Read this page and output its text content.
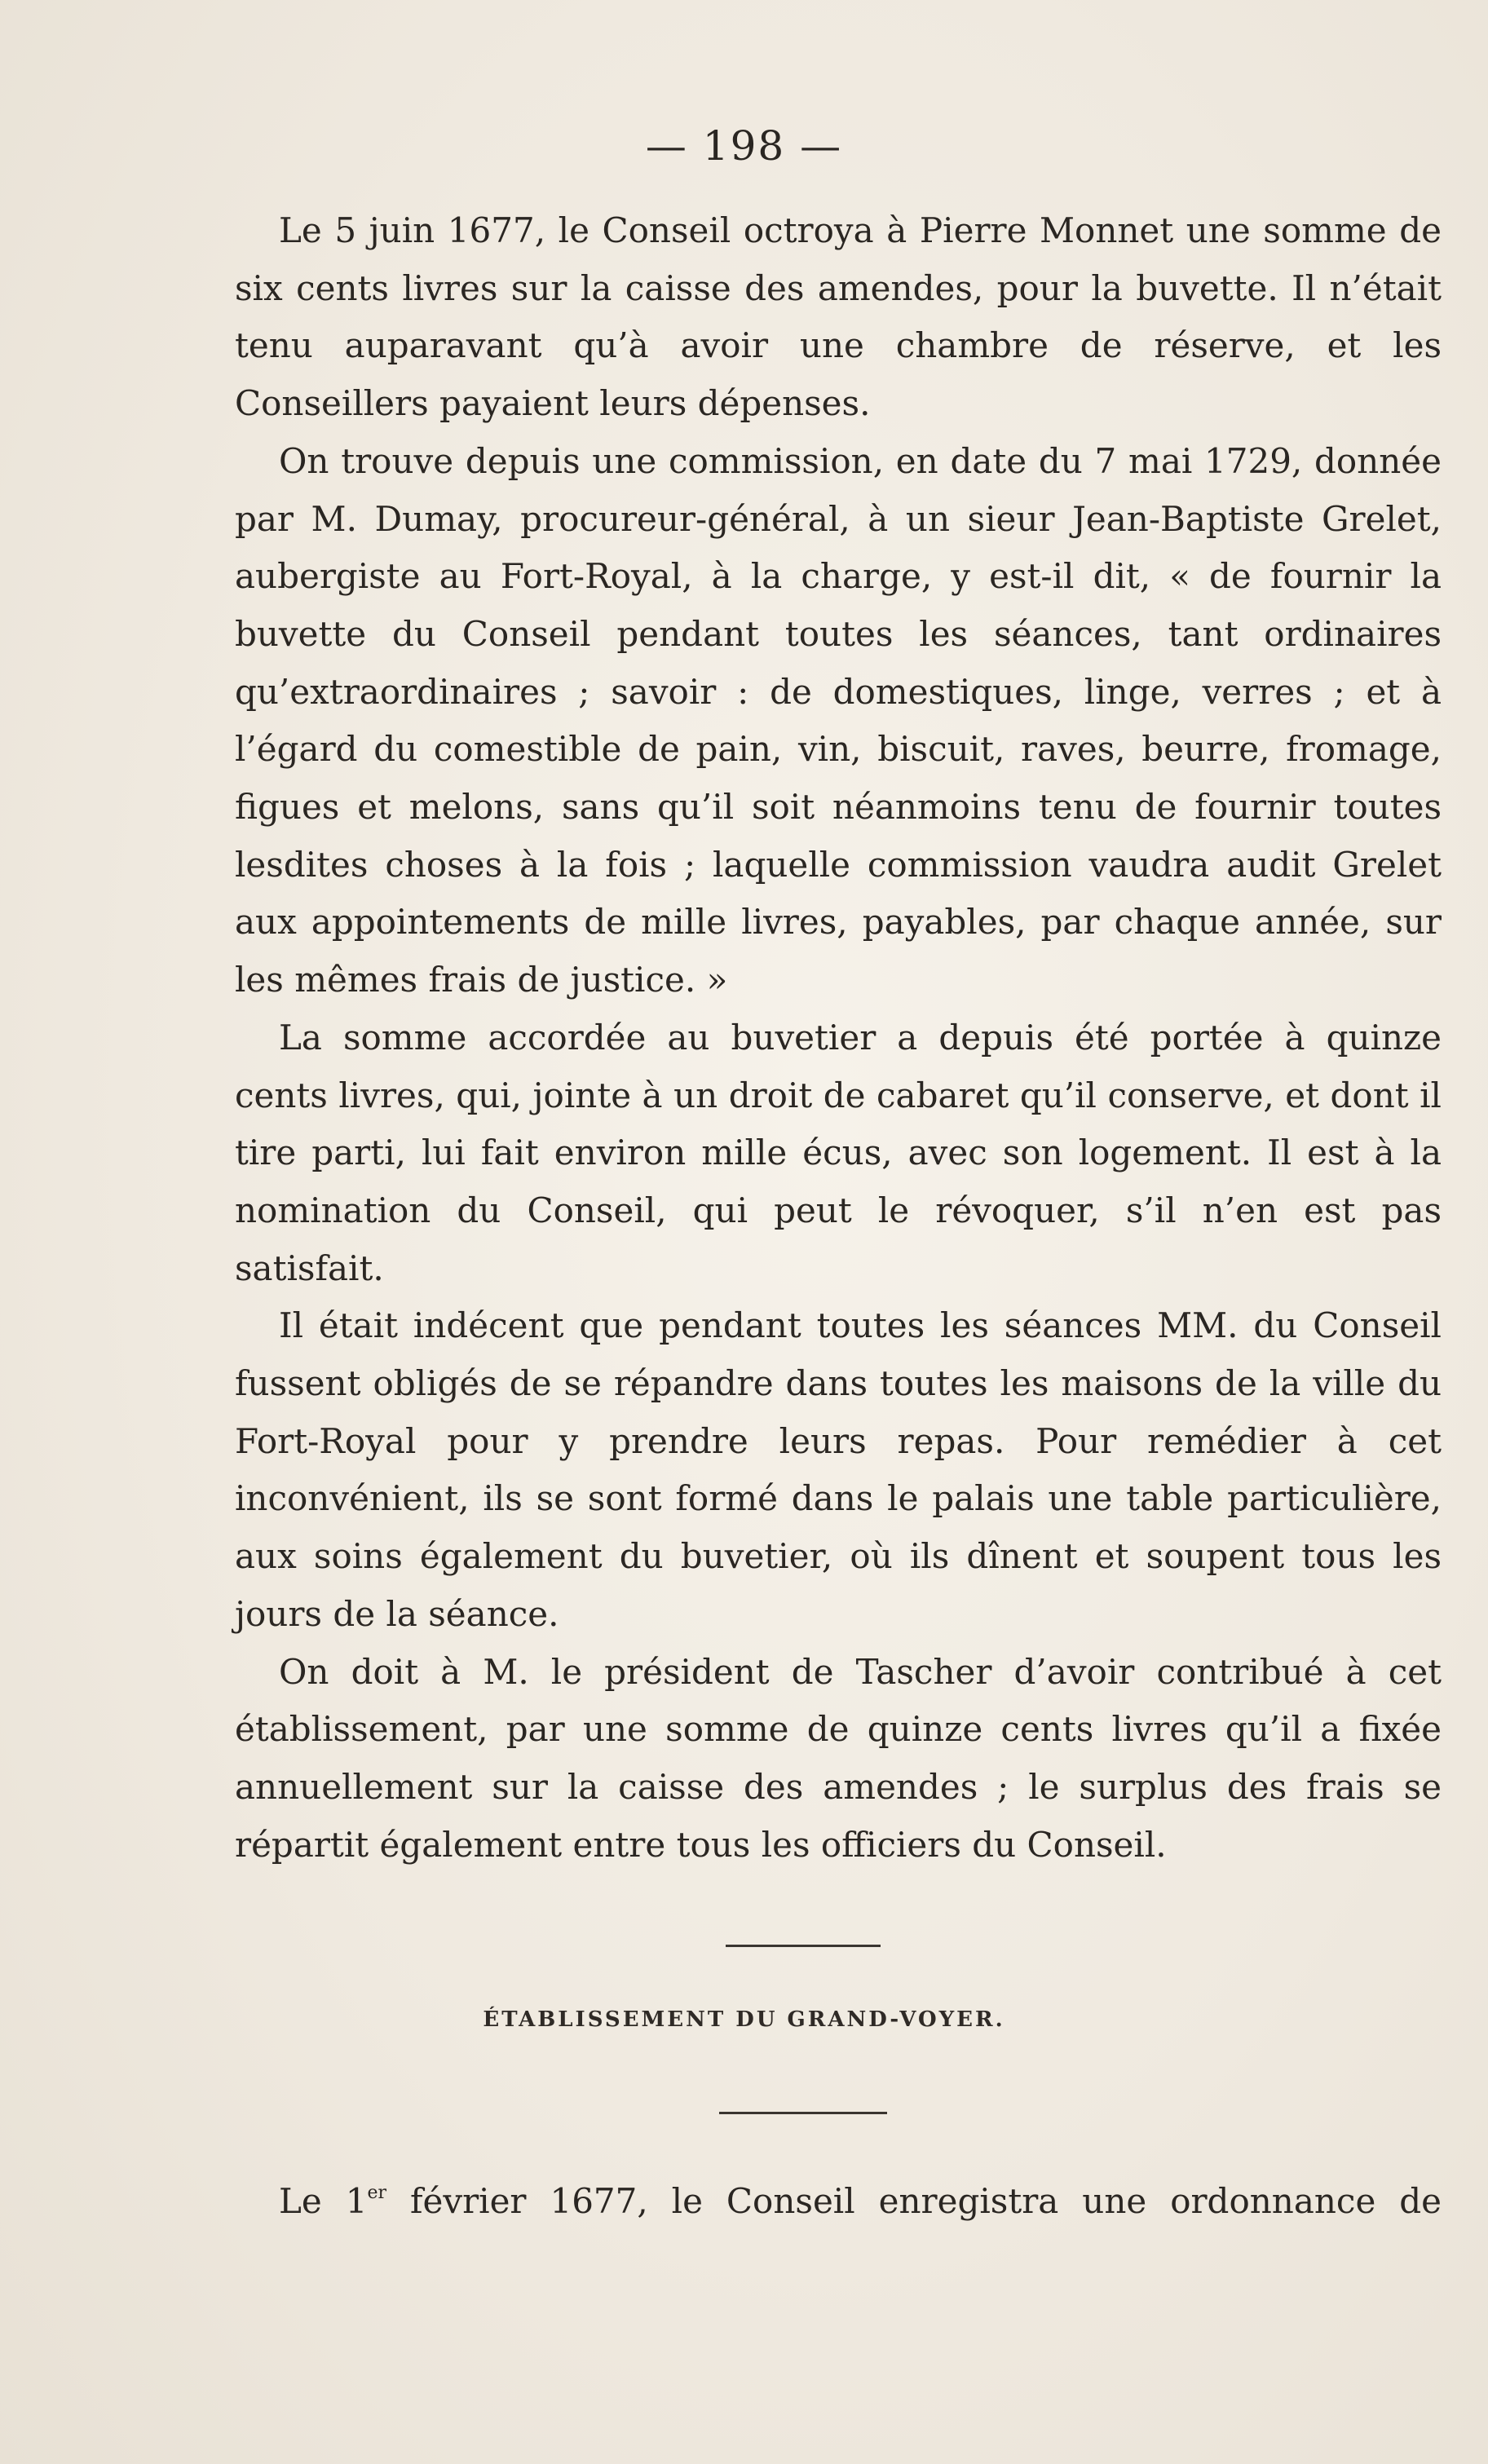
— 198 —

Le 5 juin 1677, le Conseil octroya à Pierre Monnet une somme de six cents livres sur la caisse des amendes, pour la buvette. Il n’était tenu auparavant qu’à avoir une chambre de réserve, et les Conseillers payaient leurs dépenses.

On trouve depuis une commission, en date du 7 mai 1729, donnée par M. Dumay, procureur-général, à un sieur Jean-Baptiste Grelet, aubergiste au Fort-Royal, à la charge, y est-il dit, « de fournir la buvette du Conseil pendant toutes les séances, tant ordinaires qu’extraordinaires ; savoir : de domestiques, linge, verres ; et à l’égard du comestible de pain, vin, biscuit, raves, beurre, fromage, figues et melons, sans qu’il soit néanmoins tenu de fournir toutes lesdites choses à la fois ; laquelle commission vaudra audit Grelet aux appointements de mille livres, payables, par chaque année, sur les mêmes frais de justice. »

La somme accordée au buvetier a depuis été portée à quinze cents livres, qui, jointe à un droit de cabaret qu’il conserve, et dont il tire parti, lui fait environ mille écus, avec son logement. Il est à la nomination du Conseil, qui peut le révoquer, s’il n’en est pas satisfait.

Il était indécent que pendant toutes les séances MM. du Conseil fussent obligés de se répandre dans toutes les maisons de la ville du Fort-Royal pour y prendre leurs repas. Pour remédier à cet inconvénient, ils se sont formé dans le palais une table particulière, aux soins également du buvetier, où ils dînent et soupent tous les jours de la séance.

On doit à M. le président de Tascher d’avoir contribué à cet établissement, par une somme de quinze cents livres qu’il a fixée annuellement sur la caisse des amendes ; le surplus des frais se répartit également entre tous les officiers du Conseil.

ÉTABLISSEMENT DU GRAND-VOYER.

Le 1er février 1677, le Conseil enregistra une ordonnance de
